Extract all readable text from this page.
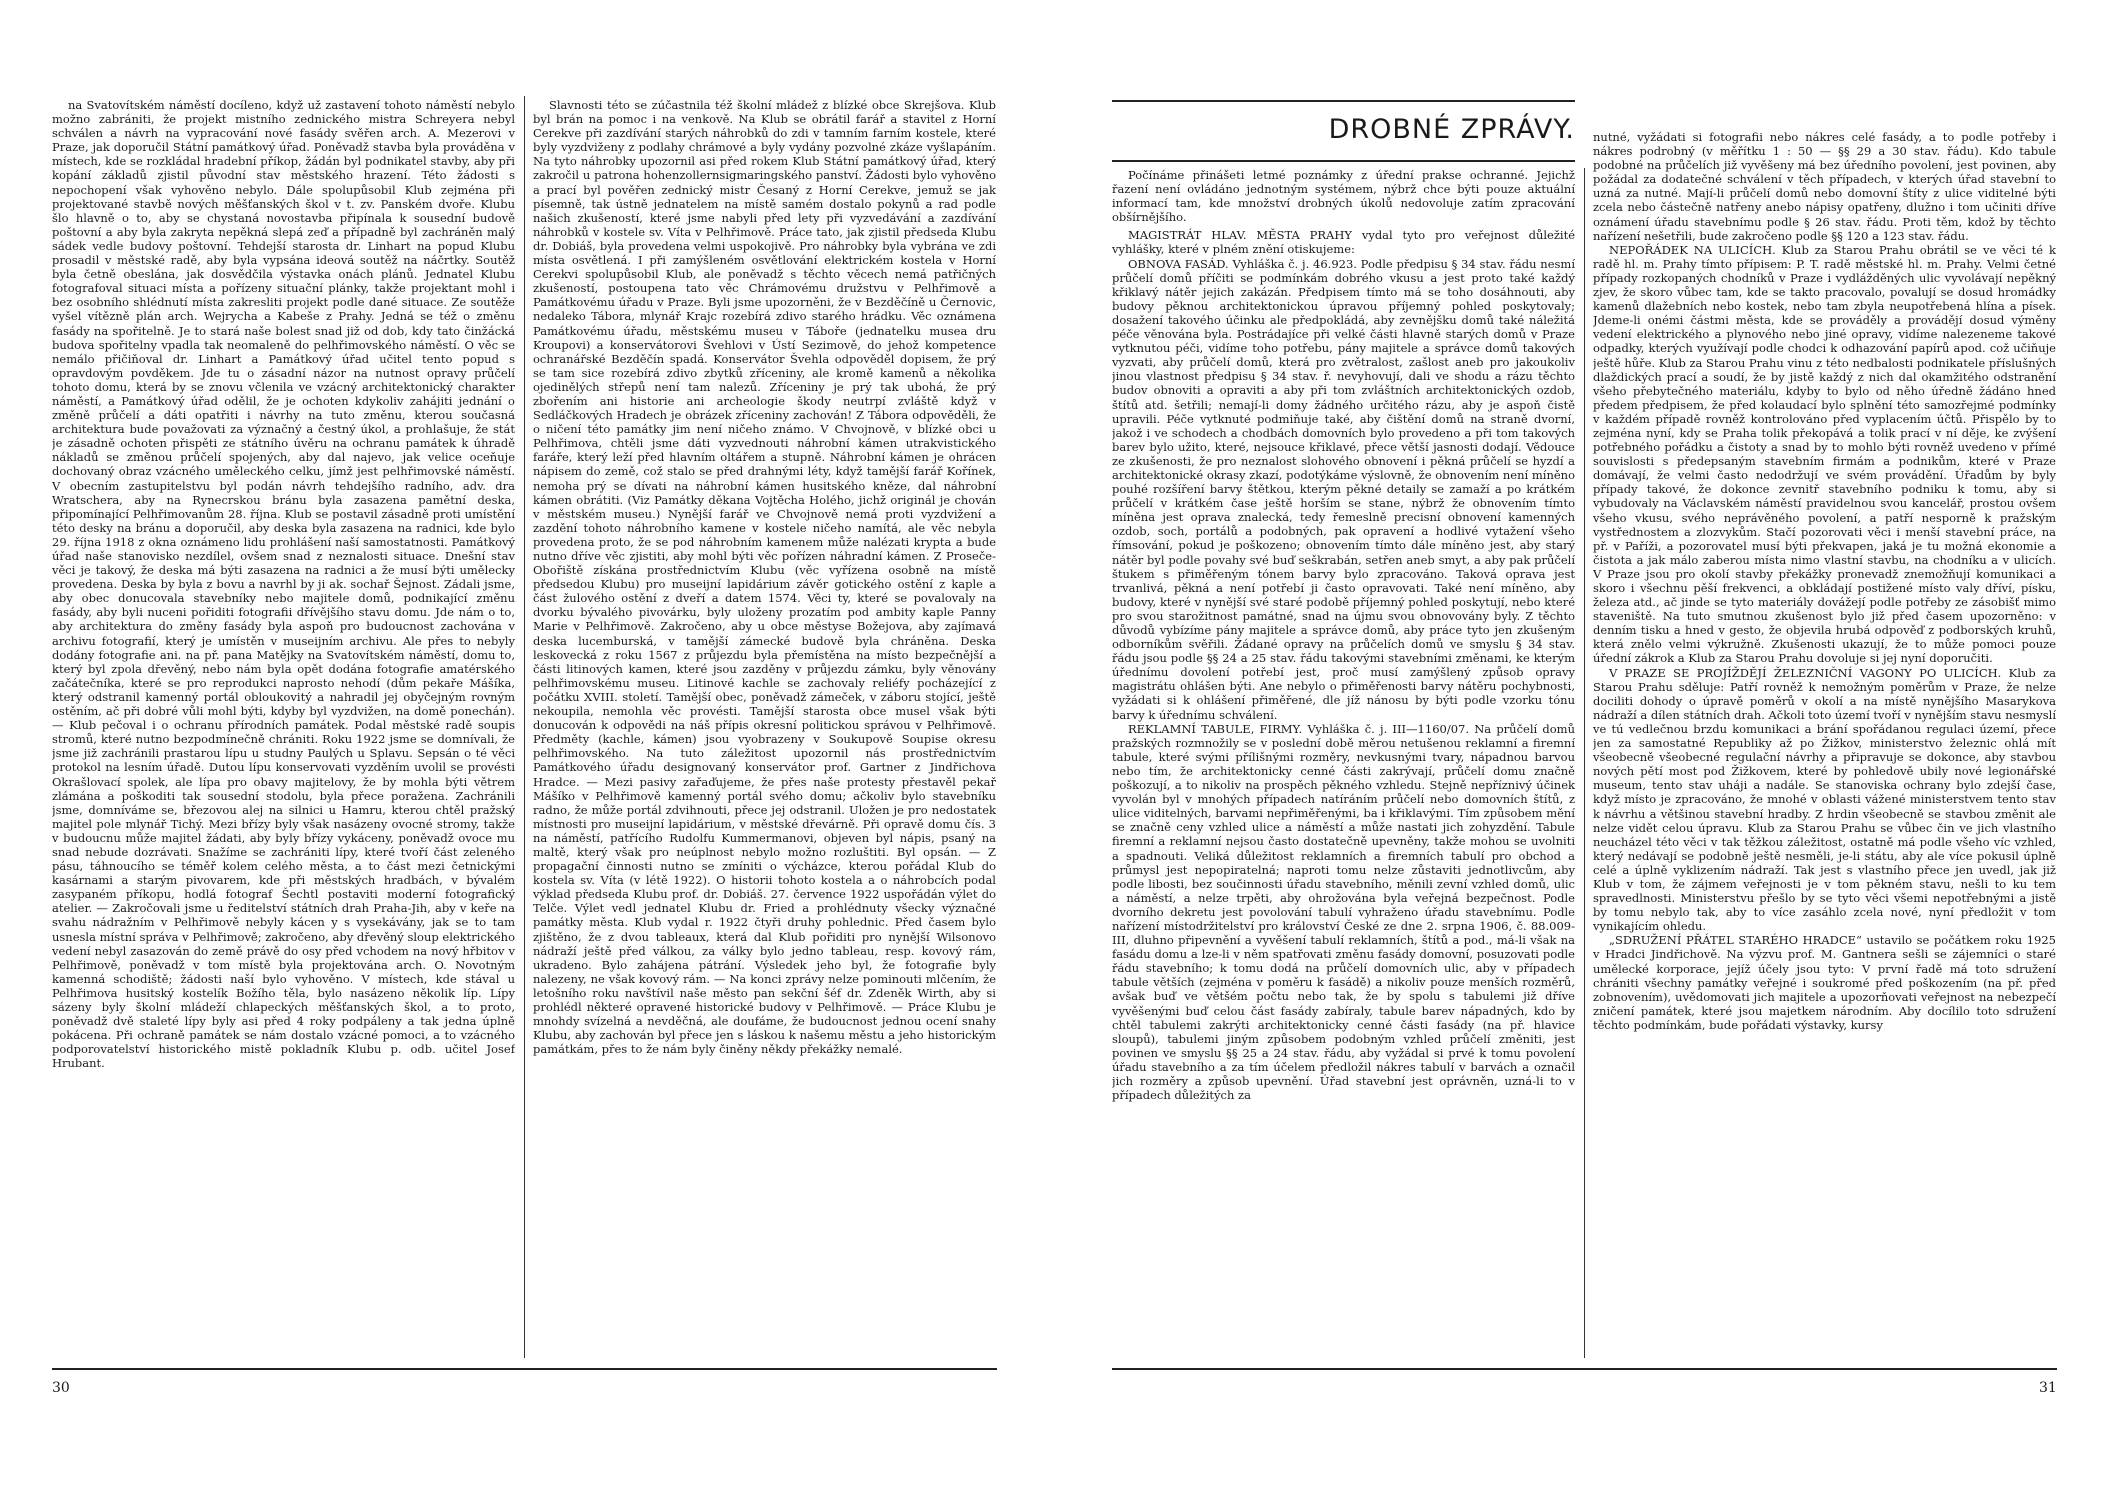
na Svatovítském náměstí docíleno, když už zastavení tohoto náměstí nebylo možno zabrániti, že projekt mistního zednického mistra Schreyera nebyl schválen a návrh na vypracování nové fasády svěřen arch. A. Mezerovi v Praze, jak doporučil Státní památkový úřad. Poněvadž stavba byla prováděna v místech, kde se rozkládal hradební příkop, žádán byl podnikatel stavby, aby při kopání základů zjistil původní stav městského hrazení. Této žádosti s nepochopení však vyhověno nebylo. Dále spolupůsobil Klub zejména při projektované stavbě nových měšťanských škol v t. zv. Panském dvoře. Klubu šlo hlavně o to, aby se chystaná novostavba připínala k sousední budově poštovní a aby byla zakryta nepěkná slepá zeď a případně byl zachráněn malý sádek vedle budovy poštovní. Tehdejší starosta dr. Linhart na popud Klubu prosadil v městské radě, aby byla vypsána ideová soutěž na náčrtky. Soutěž byla četně obeslána, jak dosvědčila výstavka onách plánů. Jednatel Klubu fotografoval situaci místa a pořízeny situační plánky, takže projektant mohl i bez osobního shlédnutí místa zakresliti projekt podle dané situace. Ze soutěže vyšel vítězně plán arch. Wejrycha a Kabeše z Prahy. Jedná se též o změnu fasády na spořitelně. Je to stará naše bolest snad již od dob, kdy tato činžácká budova spořitelny vpadla tak neomaleně do pelhřimovského náměstí. O věc se nemálo přičiňoval dr. Linhart a Památkový úřad učitel tento popud s opravdovým povděkem. Jde tu o zásadní názor na nutnost opravy průčelí tohoto domu, která by se znovu včlenila ve vzácný architektonický charakter náměstí, a Památkový úřad odělil, že je ochoten kdykoliv zahájiti jednání o změně průčelí a dáti opatřiti i návrhy na tuto změnu, kterou současná architektura bude považovati za význačný a čestný úkol, a prohlašuje, že stát je zásadně ochoten přispěti ze státního úvěru na ochranu památek k úhradě nákladů se změnou průčelí spojených, aby dal najevo, jak velice oceňuje dochovaný obraz vzácného uměleckého celku, jímž jest pelhřimovské náměstí. V obecním zastupitelstvu byl podán návrh tehdejšího radního, adv. dra Wratschera, aby na Rynecrskou bránu byla zasazena pamětní deska, připomínající Pelhřimovanům 28. října. Klub se postavil zásadně proti umístění této desky na bránu a doporučil, aby deska byla zasazena na radnici, kde bylo 29. října 1918 z okna oznámeno lidu prohlášení naší samostatnosti. Památkový úřad naše stanovisko nezdílel, ovšem snad z neznalosti situace. Dnešní stav věci je takový, že deska má býti zasazena na radnici a že musí býti umělecky provedena. Deska by byla z bovu a navrhl by ji ak. sochař Šejnost. Zádali jsme, aby obec donucovala stavebníky nebo majitele domů, podnikající změnu fasády, aby byli nuceni pořiditi fotografii dřívějšího stavu domu. Jde nám o to, aby architektura do změny fasády byla aspoň pro budoucnost zachována v archivu fotografií, který je umístěn v museijním archivu. Ale přes to nebyly dodány fotografie ani. na př. pana Matějky na Svatovítském náměstí, domu to, který byl zpola dřevěný, nebo nám byla opět dodána fotografie amatérského začátečníka, které se pro reprodukci naprosto nehodí (dům pekaře Mášíka, který odstranil kamenný portál obloukovitý a nahradil jej obyčejným rovným ostěním, ač při dobré vůli mohl býti, kdyby byl vyzdvižen, na domě ponechán). — Klub pečoval i o ochranu přírodních památek. Podal městské radě soupis stromů, které nutno bezpodmínečně chrániti. Roku 1922 jsme se domnívali, že jsme již zachránili prastarou lípu u studny Paulých u Splavu. Sepsán o té věci protokol na lesním úřadě. Dutou lípu konservovati vyzděním uvolil se provésti Okrašlovací spolek, ale lípa pro obavy majitelovy, že by mohla býti větrem zlámána a poškoditi tak sousední stodolu, byla přece poražena. Zachránili jsme, domníváme se, březovou alej na silnici u Hamru, kterou chtěl pražský majitel pole mlynář Tichý. Mezi břízy byly však nasázeny ovocné stromy, takže v budoucnu může majitel žádati, aby byly břízy vykáceny, poněvadž ovoce mu snad nebude dozrávati. Snažíme se zachrániti lípy, které tvoří část zeleného pásu, táhnoucího se téměř kolem celého města, a to část mezi četnickými kasárnami a starým pivovarem, kde při městských hradbách, v bývalém zasypaném příkopu, hodlá fotograf Šechtl postaviti moderní fotografický atelier. — Zakročovali jsme u ředitelství státních drah Praha-Jih, aby v keře na svahu nádražním v Pelhřimově nebyly kácen y s vysekávány, jak se to tam usnesla místní správa v Pelhřimově; zakročeno, aby dřevěný sloup elektrického vedení nebyl zasazován do země právě do osy před vchodem na nový hřbitov v Pelhřimově, poněvadž v tom místě byla projektována arch. O. Novotným kamenná schodiště; žádosti naší bylo vyhověno. V místech, kde stával u Pelhřimova husitský kostelík Božího těla, bylo nasázeno několik líp. Lípy sázeny byly školní mládeží chlapeckých měšťanských škol, a to proto, poněvadž dvě staleté lípy byly asi před 4 roky podpáleny a tak jedna úplně pokácena. Při ochraně památek se nám dostalo vzácné pomoci, a to vzácného podporovatelství historického mistě pokladník Klubu p. odb. učitel Josef Hrubant.

Slavnosti této se zúčastnila též školní mládež z blízké obce Skrejšova. Klub byl brán na pomoc i na venkově. Na Klub se obrátil farář a stavitel z Horní Cerekve při zazdívání starých náhrobků do zdi v tamním farním kostele, které byly vyzdviženy z podlahy chrámové a byly vydány pozvolné zkáze vyšlapáním. Na tyto náhrobky upozornil asi před rokem Klub Státní památkový úřad, který zakročil u patrona hohenzollernsigmaringského panství. Žádosti bylo vyhověno a prací byl pověřen zednický mistr Česaný z Horní Cerekve, jemuž se jak písemně, tak ústně jednatelem na místě samém dostalo pokynů a rad podle našich zkušeností, které jsme nabyli před lety při vyzvedávání a zazdívání náhrobků v kostele sv. Víta v Pelhřimově. Práce tato, jak zjistil předseda Klubu dr. Dobiáš, byla provedena velmi uspokojivě. Pro náhrobky byla vybrána ve zdi místa osvětlená. I při zamýšleném osvětlování elektrickém kostela v Horní Cerekvi spolupůsobil Klub, ale poněvadž s těchto věcech nemá patřičných zkušeností, postoupena tato věc Chrámovému družstvu v Pelhřimově a Památkovému úřadu v Praze. Byli jsme upozorněni, že v Bezděčíně u Černovic, nedaleko Tábora, mlynář Krajc rozebírá zdivo starého hrádku. Věc oznámena Památkovému úřadu, městskému museu v Táboře (jednatelku musea dru Kroupovi) a konservátorovi Švehlovi v Ústí Sezimově, do jehož kompetence ochranářské Bezděčín spadá. Konservátor Švehla odpověděl dopisem, že prý se tam sice rozebírá zdivo zbytků zříceniny, ale kromě kamenů a několika ojedinělých střepů není tam nalezů. Zříceniny je prý tak ubohá, že prý zbořením ani historie ani archeologie škody neutrpí zvláště když v Sedláčkových Hradech je obrázek zříceniny zachován! Z Tábora odpověděli, že o ničení této památky jim není ničeho známo. V Chvojnově, v blízké obci u Pelhřimova, chtěli jsme dáti vyzvednouti náhrobní kámen utrakvistického faráře, který leží před hlavním oltářem a stupně. Náhrobní kámen je ohrácen nápisem do země, což stalo se před drahnými léty, když tamější farář Kořínek, nemoha prý se dívati na náhrobní kámen husitského kněze, dal náhrobní kámen obrátiti. (Viz Památky děkana Vojtěcha Holého, jichž originál je chován v městském museu.) Nynější farář ve Chvojnově nemá proti vyzdvižení a zazdění tohoto náhrobního kamene v kostele ničeho namítá, ale věc nebyla provedena proto, že se pod náhrobním kamenem může nalézati krypta a bude nutno dříve věc zjistiti, aby mohl býti věc pořízen náhradní kámen. Z Proseče-Obořiště získána prostřednictvím Klubu (věc vyřízena osobně na místě předsedou Klubu) pro museijní lapidárium závěr gotického ostění z kaple a část žulového ostění z dveří a datem 1574. Věci ty, které se povalovaly na dvorku bývalého pivovárku, byly uloženy prozatím pod ambity kaple Panny Marie v Pelhřimově. Zakročeno, aby u obce městyse Božejova, aby zajímavá deska lucemburská, v tamější zámecké budově byla chráněna. Deska leskovecká z roku 1567 z průjezdu byla přemístěna na místo bezpečnější a části litinových kamen, které jsou zazděny v průjezdu zámku, byly věnovány pelhřimovskému museu. Litinové kachle se zachovaly reliéfy pocházející z počátku XVIII. století. Tamější obec, poněvadž zámeček, v záboru stojící, ještě nekoupila, nemohla věc provésti. Tamější starosta obce musel však býti donucován k odpovědi na náš přípis okresní politickou správou v Pelhřimově. Předměty (kachle, kámen) jsou vyobrazeny v Soukupově Soupise okresu pelhřimovského. Na tuto záležitost upozornil nás prostřednictvím Památkového úřadu designovaný konservátor prof. Gartner z Jindřichova Hradce. — Mezi pasivy zařaďujeme, že přes naše protesty přestavěl pekař Mášíko v Pelhřimově kamenný portál svého domu; ačkoliv bylo stavebníku radno, že může portál zdvihnouti, přece jej odstranil. Uložen je pro nedostatek místnosti pro museijní lapidárium, v městské dřevárně. Při opravě domu čís. 3 na náměstí, patřícího Rudolfu Kummermanovi, objeven byl nápis, psaný na maltě, který však pro neúplnost nebylo možno rozluštiti. Byl opsán. — Z propagační činnosti nutno se zmíniti o výcházce, kterou pořádal Klub do kostela sv. Víta (v létě 1922). O historii tohoto kostela a o náhrobcích podal výklad předseda Klubu prof. dr. Dobiáš. 27. července 1922 uspořádán výlet do Telče. Výlet vedl jednatel Klubu dr. Fried a prohlédnuty všecky význačné památky města. Klub vydal r. 1922 čtyři druhy pohlednic. Před časem bylo zjištěno, že z dvou tableaux, která dal Klub pořiditi pro nynější Wilsonovo nádraží ještě před válkou, za války bylo jedno tableau, resp. kovový rám, ukradeno. Bylo zahájena pátrání. Výsledek jeho byl, že fotografie byly nalezeny, ne však kovový rám. — Na konci zprávy nelze pominouti mlčením, že letošního roku navštívil naše město pan sekční šéf dr. Zdeněk Wirth, aby si prohlédl některé opravené historické budovy v Pelhřimově. — Práce Klubu je mnohdy svízelná a nevděčná, ale doufáme, že budoucnost jednou ocení snahy Klubu, aby zachován byl přece jen s láskou k našemu městu a jeho historickým památkám, přes to že nám byly činěny někdy překážky nemalé.

30
DROBNÉ ZPRÁVY.

Počínáme přinášeti letmé poznámky z úřední prakse ochranné. Jejichž řazení není ovládáno jednotným systémem, nýbrž chce býti pouze aktuální informací tam, kde množství drobných úkolů nedovoluje zatím zpracování obšírnějšího.

MAGISTRÁT HLAV. MĚSTA PRAHY vydal tyto pro veřejnost důležité vyhlášky, které v plném znění otiskujeme:

OBNOVA FASÁD. Vyhláška č. j. 46.923. Podle předpisu § 34 stav. řádu nesmí průčelí domů příčiti se podmínkám dobrého vkusu a jest proto také každý křiklavý nátěr jejich zakázán. Předpisem tímto má se toho dosáhnouti, aby budovy pěknou architektonickou úpravou příjemný pohled poskytovaly; dosažení takového účinku ale předpokládá, aby zevnějšku domů také náležitá péče věnována byla. Postrádajíce při velké části hlavně starých domů v Praze vytknutou péči, vidíme toho potřebu, pány majitele a správce domů takových vyzvati, aby průčelí domů, která pro zvětralost, zašlost aneb pro jakoukoliv jinou vlastnost předpisu § 34 stav. ř. nevyhovují, dali ve shodu a rázu těchto budov obnoviti a opraviti a aby při tom zvláštních architektonických ozdob, štítů atd. šetřili; nemají-li domy žádného určitého rázu, aby je aspoň čistě upravili. Péče vytknuté podmiňuje také, aby čištění domů na straně dvorní, jakož i ve schodech a chodbách domovních bylo provedeno a při tom takových barev bylo užito, které, nejsouce křiklavé, přece větší jasnosti dodají. Vědouce ze zkušenosti, že pro neznalost slohového obnovení i pěkná průčelí se hyzdí a architektonické okrasy zkazí, podotýkáme výslovně, že obnovením není míněno pouhé rozšíření barvy štětkou, kterým pěkné detaily se zamaží a po krátkém průčelí v krátkém čase ještě horším se stane, nýbrž že obnovením tímto míněna jest oprava znalecká, tedy řemeslně precisní obnovení kamenných ozdob, soch, portálů a podobných, pak opravení a hodlivé vytažení všeho římsování, pokud je poškozeno; obnovením tímto dále míněno jest, aby starý nátěr byl podle povahy své buď seškrabán, setřen aneb smyt, a aby pak průčelí štukem s přiměřeným tónem barvy bylo zpracováno. Taková oprava jest trvanlivá, pěkná a není potřebí ji často opravovati. Také není míněno, aby budovy, které v nynější své staré podobě příjemný pohled poskytují, nebo které pro svou starožitnost památné, snad na újmu svou obnovovány byly. Z těchto důvodů vybízíme pány majitele a správce domů, aby práce tyto jen zkušeným odborníkům svěřili. Žádané opravy na průčelích domů ve smyslu § 34 stav. řádu jsou podle §§ 24 a 25 stav. řádu takovými stavebními změnami, ke kterým úřednímu dovolení potřebí jest, proč musí zamýšlený způsob opravy magistrátu ohlášen býti. Ane nebylo o přiměřenosti barvy nátěru pochybnosti, vyžádati si k ohlášení přiměřené, dle jíž nánosu by býti podle vzorku tónu barvy k úřednímu schválení.

REKLAMNÍ TABULE, FIRMY. Vyhláška č. j. III—1160/07. Na průčelí domů pražských rozmnožily se v poslední době měrou netušenou reklamní a firemní tabule, které svými přílišnými rozměry, nevkusnými tvary, nápadnou barvou nebo tím, že architektonicky cenné části zakrývají, průčelí domu značně poškozují, a to nikoliv na prospěch pěkného vzhledu. Stejně nepříznivý účinek vyvolán byl v mnohých případech natíráním průčelí nebo domovních štítů, z ulice viditelných, barvami nepřiměřenými, ba i křiklavými. Tím způsobem mění se značně ceny vzhled ulice a náměstí a může nastati jich zohyzdění. Tabule firemní a reklamní nejsou často dostatečně upevněny, takže mohou se uvolniti a spadnouti. Veliká důležitost reklamních a firemních tabulí pro obchod a průmysl jest nepopiratelná; naproti tomu nelze zůstaviti jednotlivcům, aby podle libosti, bez součinnosti úřadu stavebního, měnili zevní vzhled domů, ulic a náměstí, a nelze trpěti, aby ohrožována byla veřejná bezpečnost. Podle dvorního dekretu jest povolování tabulí vyhraženo úřadu stavebnímu. Podle nařízení místodržitelství pro království České ze dne 2. srpna 1906, č. 88.009-III, dluhno připevnění a vyvěšení tabulí reklamních, štítů a pod., má-li však na fasádu domu a lze-li v něm spatřovati změnu fasády domovní, posuzovati podle řádu stavebního; k tomu dodá na průčelí domovních ulic, aby v případech tabule větších (zejména v poměru k fasádě) a nikoliv pouze menších rozměrů, avšak buď ve většém počtu nebo tak, že by spolu s tabulemi již dříve vyvěšenými buď celou část fasády zabíraly, tabule barev nápadných, kdo by chtěl tabulemi zakrýti architektonicky cenné části fasády (na př. hlavice sloupů), tabulemi jiným způsobem podobným vzhled průčelí změniti, jest povinen ve smyslu §§ 25 a 24 stav. řádu, aby vyžádal si prvé k tomu povolení úřadu stavebního a za tím účelem předložil nákres tabulí v barvách a označil jich rozměry a způsob upevnění. Úřad stavební jest oprávněn, uzná-li to v případech důležitých za

nutné, vyžádati si fotografii nebo nákres celé fasády, a to podle potřeby i nákres podrobný (v měřítku 1 : 50 — §§ 29 a 30 stav. řádu). Kdo tabule podobné na průčelích již vyvěšeny má bez úředního povolení, jest povinen, aby požádal za dodatečné schválení v těch případech, v kterých úřad stavební to uzná za nutné. Mají-li průčelí domů nebo domovní štíty z ulice viditelné býti zcela nebo částečně natřeny anebo nápisy opatřeny, dlužno i tom učiniti dříve oznámení úřadu stavebnímu podle § 26 stav. řádu. Proti těm, kdož by těchto nařízení nešetřili, bude zakročeno podle §§ 120 a 123 stav. řádu.

NEPOŘÁDEK NA ULICÍCH. Klub za Starou Prahu obrátil se ve věci té k radě hl. m. Prahy tímto přípisem: P. T. radě městské hl. m. Prahy. Velmi četné případy rozkopaných chodníků v Praze i vydlážděných ulic vyvolávají nepěkný zjev, že skoro vůbec tam, kde se takto pracovalo, povalují se dosud hromádky kamenů dlažebních nebo kostek, nebo tam zbyla neupotřebená hlína a písek. Jdeme-li onémi částmi města, kde se prováděly a provádějí dosud výměny vedení elektrického a plynového nebo jiné opravy, vidíme nalezeneme takové odpadky, kterých využívají podle chodci k odhazování papírů apod. což učiňuje ještě hůře. Klub za Starou Prahu vinu z této nedbalosti podnikatele příslušných dlaždických prací a soudí, že by jistě každý z nich dal okamžitého odstranění všeho přebytečného materiálu, kdyby to bylo od něho úředně žádáno hned předem předpisem, že před kolaudací bylo splnění této samozřejmé podmínky v každém případě rovněž kontrolováno před vyplacením účtů. Přispělo by to zejména nyní, kdy se Praha tolik překopává a tolik prací v ní děje, ke zvýšení potřebného pořádku a čistoty a snad by to mohlo býti rovněž uvedeno v přímé souvislosti s předepsaným stavebním firmám a podnikům, které v Praze domávají, že velmi často nedodržují ve svém provádění. Úřadům by byly případy takové, že dokonce zevnitř stavebního podniku k tomu, aby si vybudovaly na Václavském náměstí pravidelnou svou kancelář, prostou ovšem všeho vkusu, svého neprávěného povolení, a patří nesporně k pražským vystřednostem a zlozvykům. Stačí pozorovati věci i menší stavební práce, na př. v Paříži, a pozorovatel musí býti překvapen, jaká je tu možná ekonomie a čistota a jak málo zaberou místa nimo vlastní stavbu, na chodníku a v ulicích. V Praze jsou pro okolí stavby překážky pronevadž znemožňují komunikaci a skoro i všechnu pěší frekvenci, a obkládají postižené místo valy dříví, písku, železa atd., ač jinde se tyto materiály dovážejí podle potřeby ze zásobišť mimo staveniště. Na tuto smutnou zkušenost bylo již před časem upozorněno: v denním tisku a hned v gesto, že objevila hrubá odpověď z podborských kruhů, která znělo velmi výkružně. Zkušenosti ukazují, že to může pomoci pouze úřední zákrok a Klub za Starou Prahu dovoluje si jej nyní doporučiti.

V PRAZE SE PROJÍŽDĚJÍ ŽELEZNIČNÍ VAGONY PO ULICÍCH. Klub za Starou Prahu sděluje: Patří rovněž k nemožným poměrům v Praze, že nelze dociliti dohody o úpravě poměrů v okolí a na místě nynějšího Masarykova nádraží a dílen státních drah. Ačkoli toto území tvoří v nynějším stavu nesmyslí ve tú vedlečnou brzdu komunikaci a brání spořádanou regulaci území, přece jen za samostatné Republiky až po Žižkov, ministerstvo železnic ohlá mít všeobecně všeobecné regulační návrhy a připravuje se dokonce, aby stavbou nových pětí most pod Žižkovem, které by pohledově ubily nové legionářské museum, tento stav uháji a nadále. Se stanoviska ochrany bylo zdejší čase, když místo je zpracováno, že mnohé v oblasti vážené ministerstvem tento stav k návrhu a většinou stavební hradby. Z hrdin všeobecně se stavbou změnit ale nelze vidět celou úpravu. Klub za Starou Prahu se vůbec čin ve jich vlastního neucházel této věci v tak těžkou záležitost, ostatně má podle všeho víc vzhled, který nedávají se podobně ještě nesměli, je-li státu, aby ale více pokusil úplně celé a úplně vyklizením nádraží. Tak jest s vlastního přece jen uvedl, jak již Klub v tom, že zájmem veřejnosti je v tom pěkném stavu, nešli to ku tem spravedlnosti. Ministerstvu přešlo by se tyto věci všemi nepotřebnými a jistě by tomu nebylo tak, aby to více zasáhlo zcela nové, nyní předložit v tom vynikajícím ohledu.

„SDRUŽENÍ PŘÁTEL STARÉHO HRADCE“ ustavilo se počátkem roku 1925 v Hradci Jindřichově. Na výzvu prof. M. Gantnera sešli se zájemníci o staré umělecké korporace, jejíž účely jsou tyto: V první řadě má toto sdružení chrániti všechny památky veřejné i soukromé před poškozením (na př. před zobnovením), uvědomovati jich majitele a upozorňovati veřejnost na nebezpečí zničení památek, které jsou majetkem národním. Aby docílilo toto sdružení těchto podmínkám, bude pořádati výstavky, kursy

31
